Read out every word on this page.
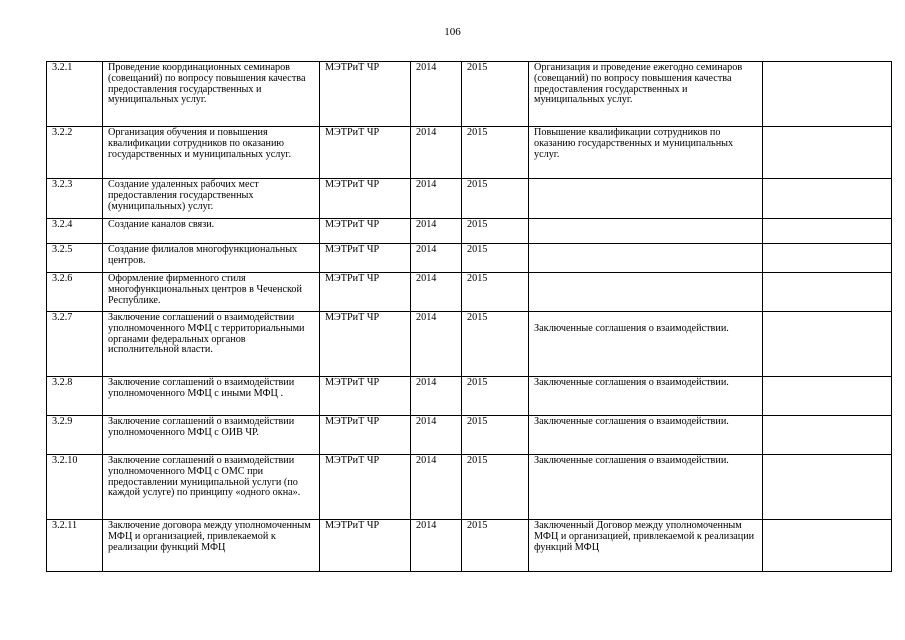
106
3.2.1	Проведение координационных семинаров (совещаний) по вопросу повышения качества предоставления государственных и муниципальных услуг.	МЭТРиТ ЧР	2014	2015	Организация и проведение ежегодно семинаров (совещаний) по вопросу повышения качества предоставления государственных и муниципальных услуг.	
3.2.2	Организация обучения и повышения квалификации сотрудников по оказанию государственных и муниципальных услуг.	МЭТРиТ ЧР	2014	2015	Повышение квалификации сотрудников по оказанию государственных и муниципальных услуг.	
3.2.3	Создание удаленных рабочих мест предоставления государственных (муниципальных) услуг.	МЭТРиТ ЧР	2014	2015		
3.2.4	Создание каналов связи.	МЭТРиТ ЧР	2014	2015		
3.2.5	Создание филиалов многофункциональных центров.	МЭТРиТ ЧР	2014	2015		
3.2.6	Оформление фирменного стиля многофункциональных центров в Чеченской Республике.	МЭТРиТ ЧР	2014	2015		
3.2.7	Заключение соглашений о взаимодействии уполномоченного МФЦ с территориальными органами федеральных органов исполнительной власти.	МЭТРиТ ЧР	2014	2015	Заключенные соглашения о взаимодействии.	

3.2.8	Заключение соглашений о взаимодействии уполномоченного МФЦ с иными МФЦ .	МЭТРиТ ЧР	2014	2015	Заключенные соглашения о взаимодействии.	
3.2.9	Заключение соглашений о взаимодействии уполномоченного МФЦ с ОИВ ЧР.	МЭТРиТ ЧР	2014	2015	Заключенные соглашения о взаимодействии.	
3.2.10	Заключение соглашений о взаимодействии уполномоченного МФЦ с ОМС при предоставлении муниципальной услуги (по каждой услуге) по принципу «одного окна».	МЭТРиТ ЧР	2014	2015	Заключенные соглашения о взаимодействии.	
3.2.11	Заключение договора между уполномоченным МФЦ и организацией, привлекаемой к реализации функций МФЦ	МЭТРиТ ЧР	2014	2015	Заключенный Договор между уполномоченным МФЦ и организацией, привлекаемой к реализации функций МФЦ	
